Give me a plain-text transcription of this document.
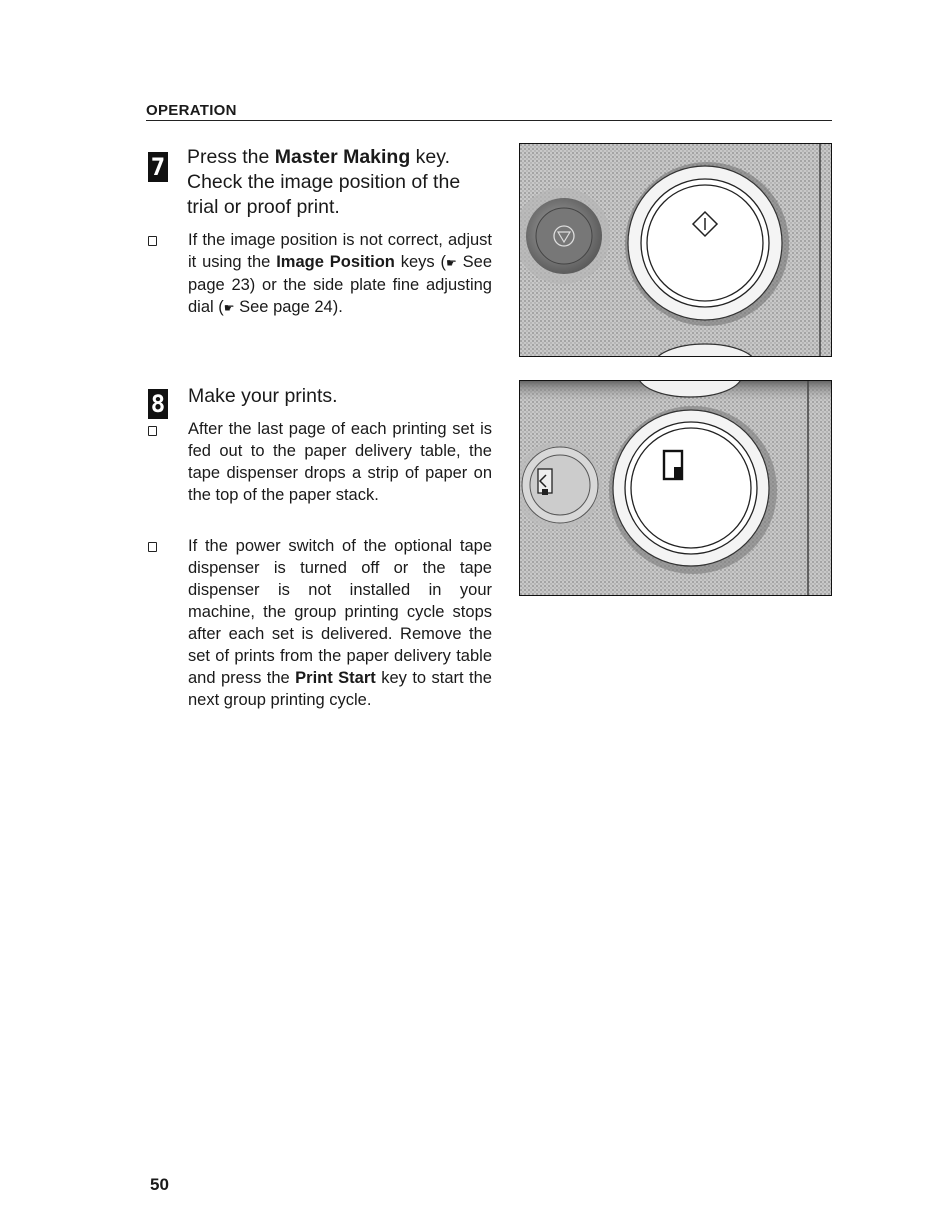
OPERATION
7 Press the Master Making key. Check the image position of the trial or proof print.
If the image position is not correct, adjust it using the Image Position keys (☛ See page 23) or the side plate fine adjusting dial (☛ See page 24).
8 Make your prints.
After the last page of each printing set is fed out to the paper delivery table, the tape dispenser drops a strip of paper on the top of the paper stack.
If the power switch of the optional tape dispenser is turned off or the tape dispenser is not installed in your machine, the group printing cycle stops after each set is delivered. Remove the set of prints from the paper delivery table and press the Print Start key to start the next group printing cycle.
50
